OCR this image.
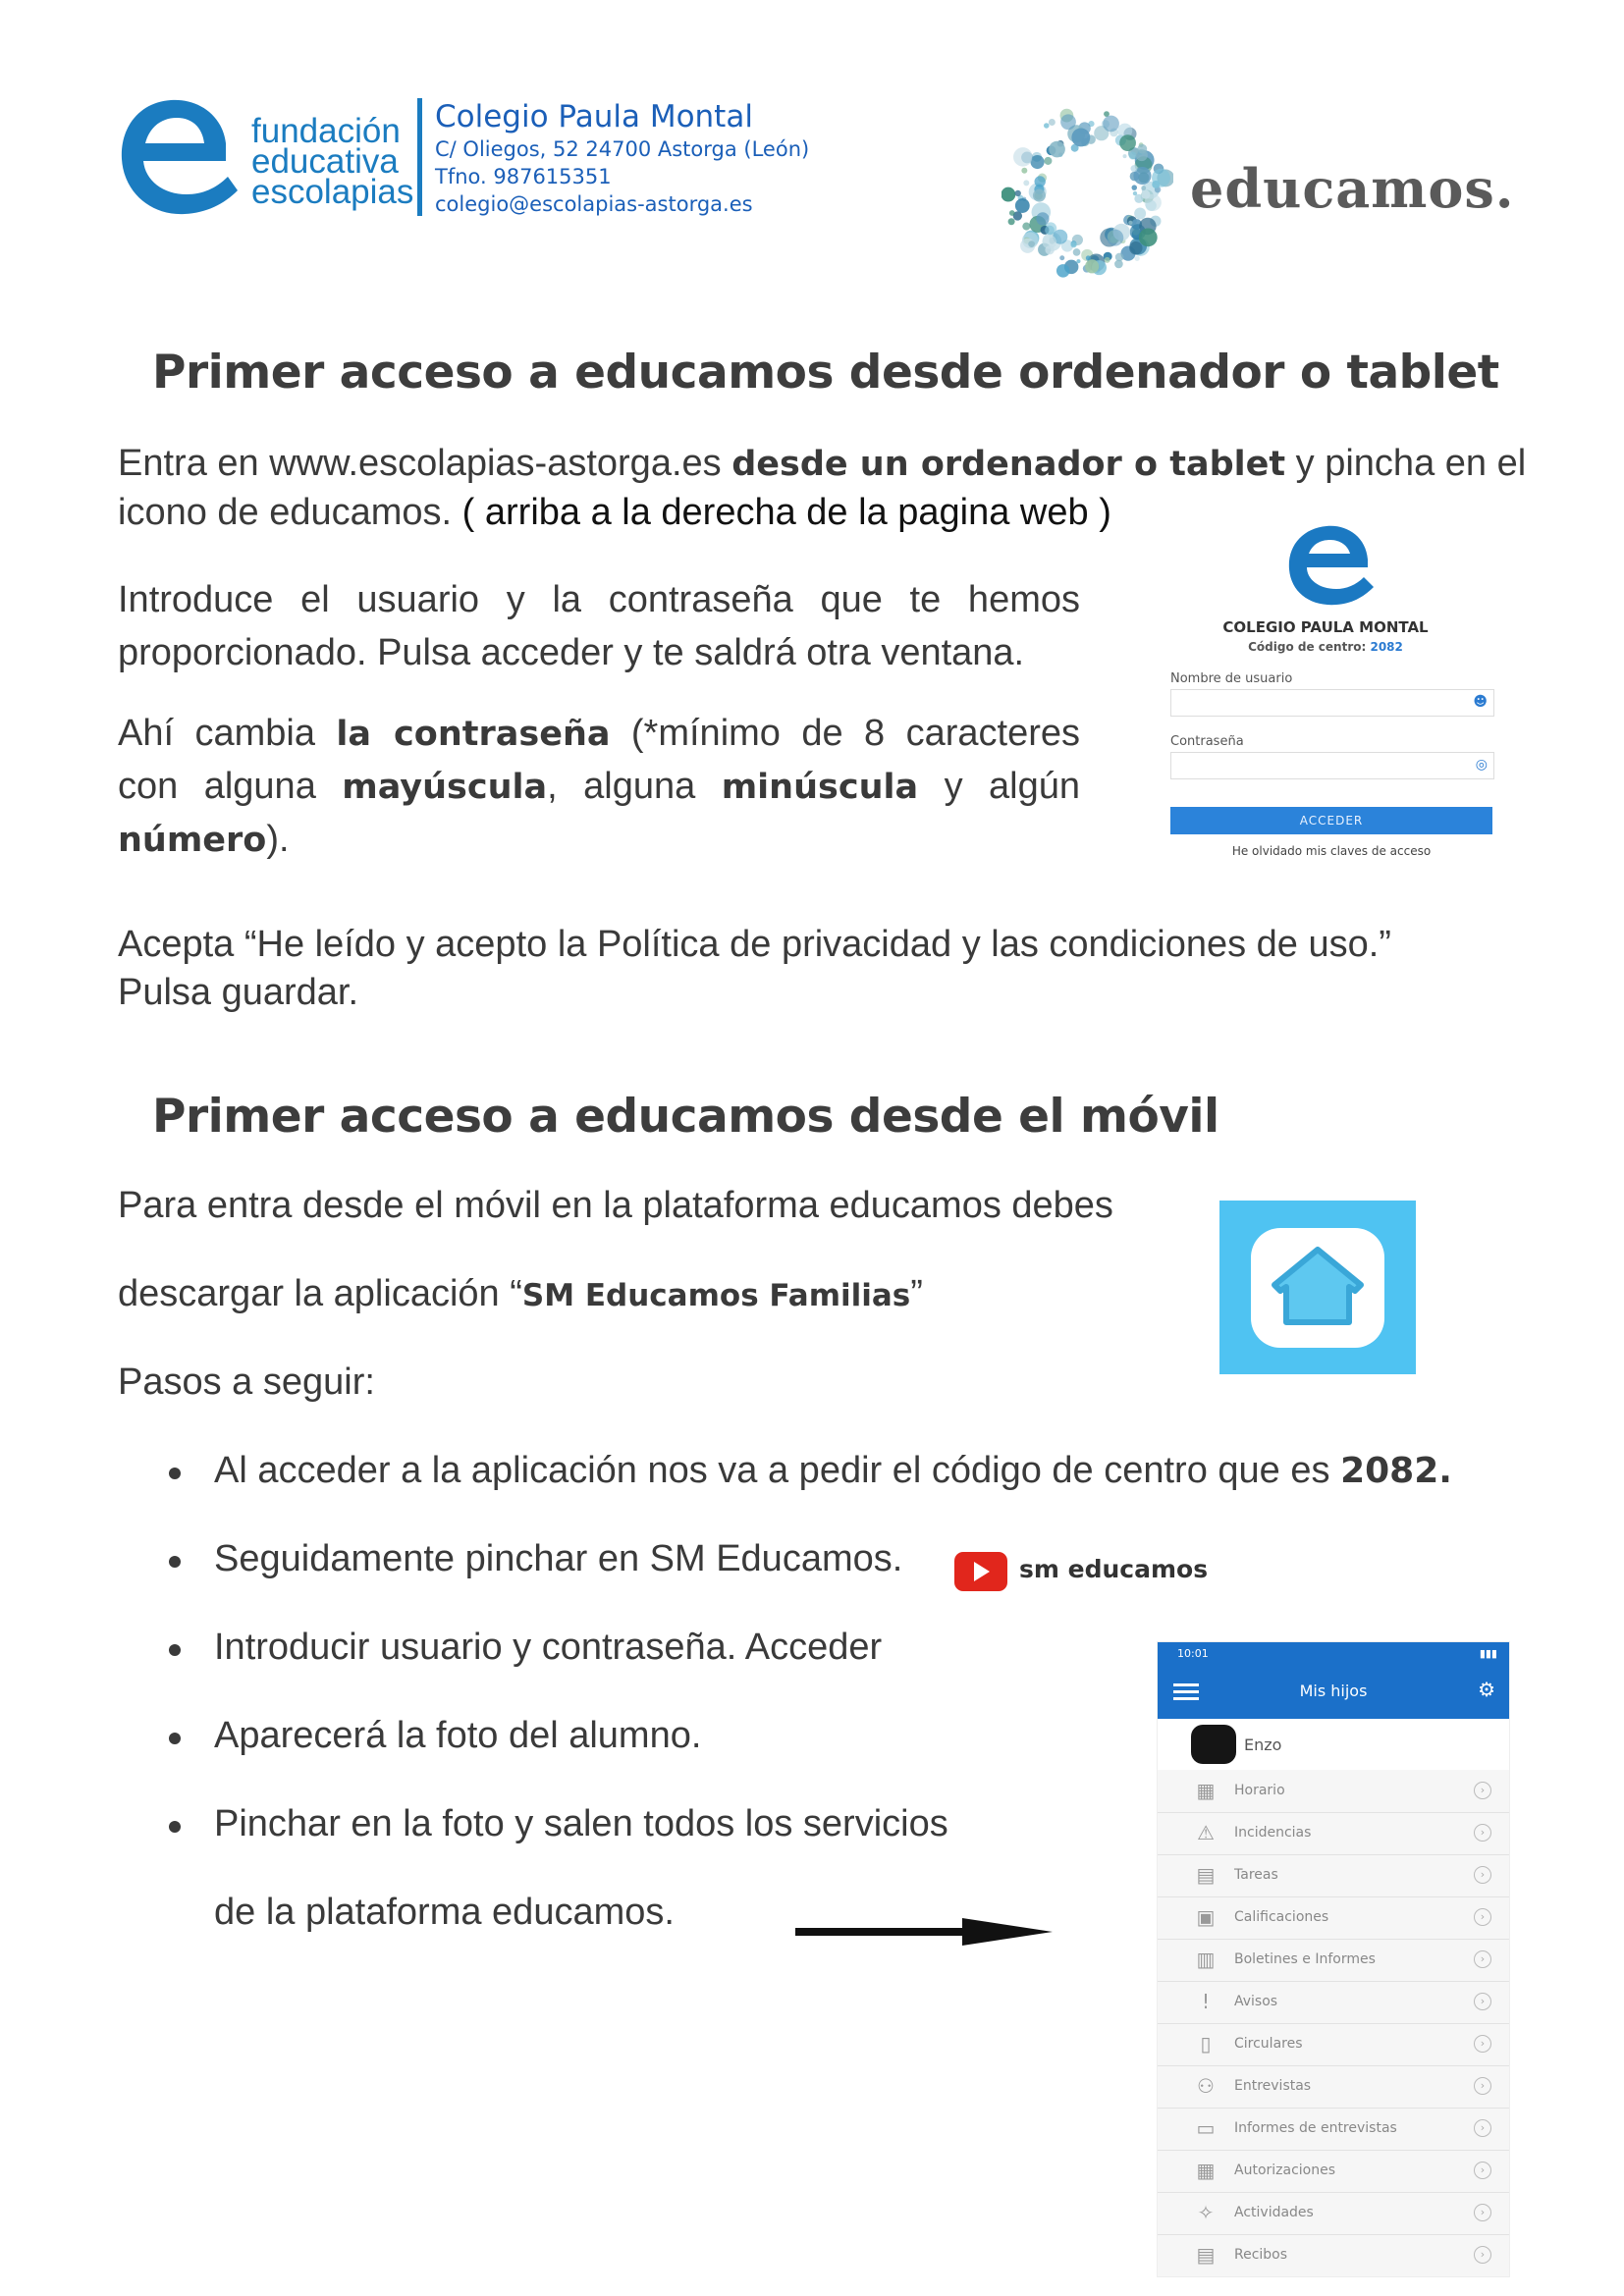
fundación
educativa
escolapias
Colegio Paula Montal
C/ Oliegos, 52 24700 Astorga (León)
Tfno. 987615351
colegio@escolapias-astorga.es	educamos.
Primer acceso a educamos desde ordenador o tablet
Entra en www.escolapias-astorga.es desde un ordenador o tablet y pincha en el
icono de educamos. ( arriba a la derecha de la pagina web )
Introduce el usuario y la contraseña que te hemos
proporcionado. Pulsa acceder y te saldrá otra ventana.
Ahí cambia la contraseña (*mínimo de 8 caracteres
con alguna mayúscula, alguna minúscula y algún
número).
Acepta “He leído y acepto la Política de privacidad y las condiciones de uso.”
Pulsa guardar.
COLEGIO PAULA MONTAL
Código de centro: 2082
Nombre de usuario
☻
Contraseña
◎
ACCEDER
He olvidado mis claves de acceso
Primer acceso a educamos desde el móvil
Para entra desde el móvil en la plataforma educamos debes
descargar la aplicación “SM Educamos Familias”
Pasos a seguir:
Al acceder a la aplicación nos va a pedir el código de centro que es 2082.
Seguidamente pinchar en SM Educamos.	sm educamos
Introducir usuario y contraseña. Acceder
Aparecerá la foto del alumno.
Pinchar en la foto y salen todos los servicios
de la plataforma educamos.
10:01	▮▮▮
Mis hijos	⚙
Enzo
▦ Horario	›
⚠ Incidencias	›
▤ Tareas	›
▣ Calificaciones	›
▥ Boletines e Informes	›
!	Avisos	›
▯	Circulares	›
⚇ Entrevistas	›
▭ Informes de entrevistas	›
▦ Autorizaciones	›
✧ Actividades	›
▤ Recibos	›
